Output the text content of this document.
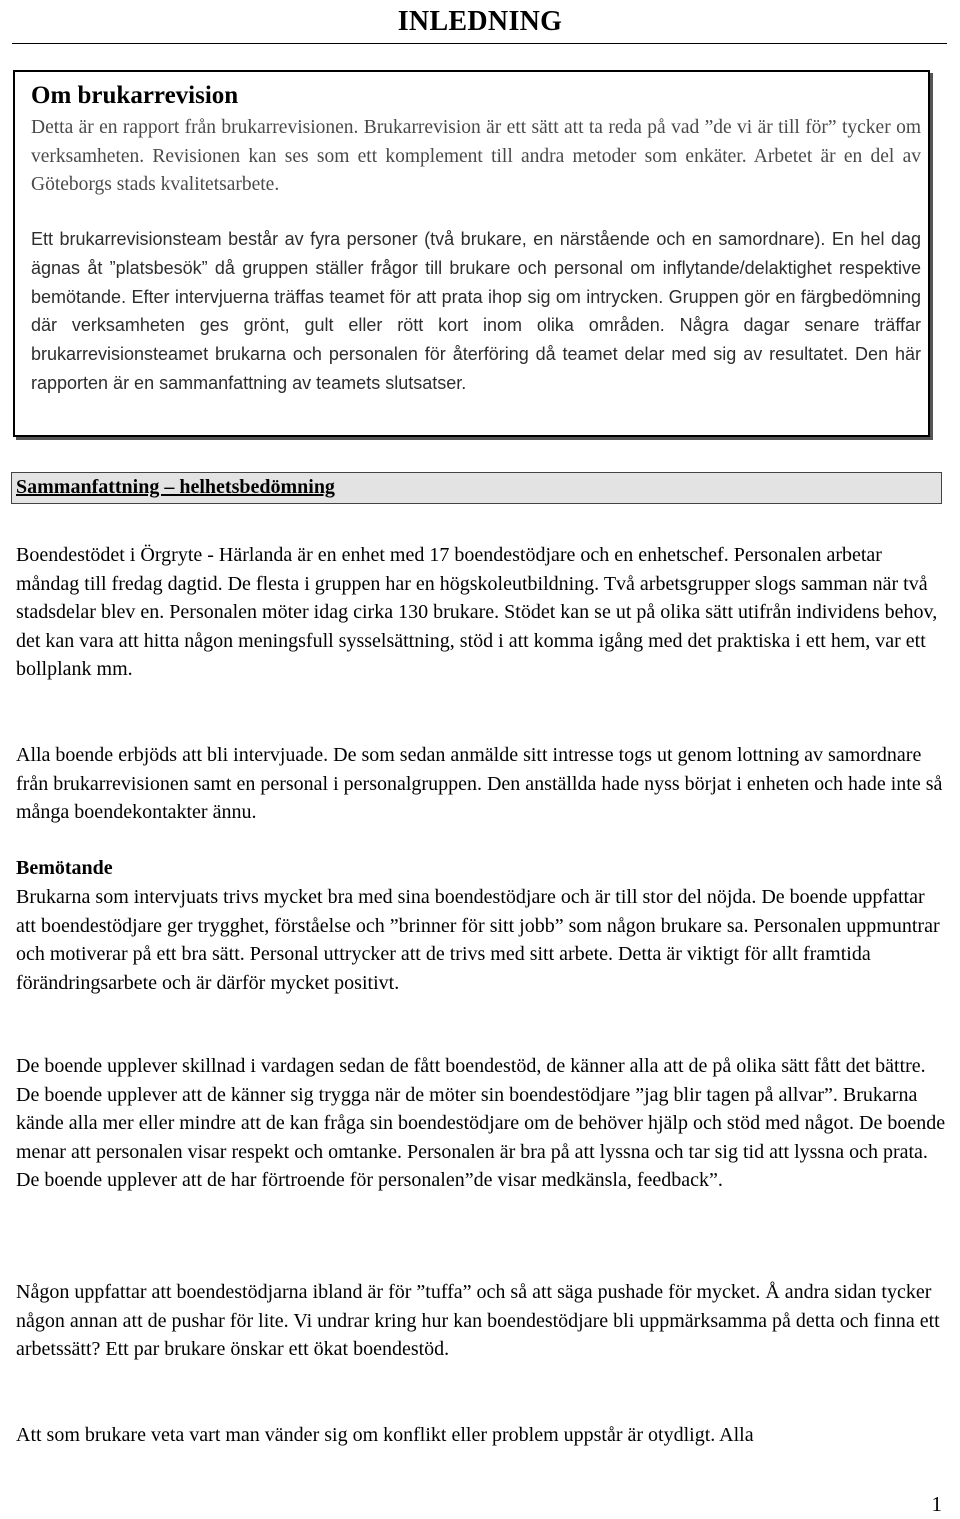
INLEDNING
Om brukarrevision
Detta är en rapport från brukarrevisionen. Brukarrevision är ett sätt att ta reda på vad ”de vi är till för” tycker om verksamheten. Revisionen kan ses som ett komplement till andra metoder som enkäter. Arbetet är en del av Göteborgs stads kvalitetsarbete.
Ett brukarrevisionsteam består av fyra personer (två brukare, en närstående och en samordnare). En hel dag ägnas åt ”platsbesök” då gruppen ställer frågor till brukare och personal om inflytande/delaktighet respektive bemötande. Efter intervjuerna träffas teamet för att prata ihop sig om intrycken. Gruppen gör en färgbedömning där verksamheten ges grönt, gult eller rött kort inom olika områden. Några dagar senare träffar brukarrevisionsteamet brukarna och personalen för återföring då teamet delar med sig av resultatet. Den här rapporten är en sammanfattning av teamets slutsatser.
Sammanfattning – helhetsbedömning
Boendestödet i Örgryte - Härlanda är en enhet med 17 boendestödjare och en enhetschef. Personalen arbetar måndag till fredag dagtid. De flesta i gruppen har en högskoleutbildning. Två arbetsgrupper slogs samman när två stadsdelar blev en. Personalen möter idag cirka 130 brukare. Stödet kan se ut på olika sätt utifrån individens behov, det kan vara att hitta någon meningsfull sysselsättning, stöd i att komma igång med det praktiska i ett hem, var ett bollplank mm.
Alla boende erbjöds att bli intervjuade. De som sedan anmälde sitt intresse togs ut genom lottning av samordnare från brukarrevisionen samt en personal i personalgruppen. Den anställda hade nyss börjat i enheten och hade inte så många boendekontakter ännu.
Bemötande
Brukarna som intervjuats trivs mycket bra med sina boendestödjare och är till stor del nöjda. De boende uppfattar att boendestödjare ger trygghet, förståelse och ”brinner för sitt jobb” som någon brukare sa. Personalen uppmuntrar och motiverar på ett bra sätt. Personal uttrycker att de trivs med sitt arbete. Detta är viktigt för allt framtida förändringsarbete och är därför mycket positivt.
De boende upplever skillnad i vardagen sedan de fått boendestöd, de känner alla att de på olika sätt fått det bättre. De boende upplever att de känner sig trygga när de möter sin boendestödjare ”jag blir tagen på allvar”. Brukarna kände alla mer eller mindre att de kan fråga sin boendestödjare om de behöver hjälp och stöd med något. De boende menar att personalen visar respekt och omtanke. Personalen är bra på att lyssna och tar sig tid att lyssna och prata. De boende upplever att de har förtroende för personalen”de visar medkänsla, feedback”.
Någon uppfattar att boendestödjarna ibland är för ”tuffa” och så att säga pushade för mycket. Å andra sidan tycker någon annan att de pushar för lite. Vi undrar kring hur kan boendestödjare bli uppmärksamma på detta och finna ett arbetssätt? Ett par brukare önskar ett ökat boendestöd.
Att som brukare veta vart man vänder sig om konflikt eller problem uppstår är otydligt. Alla
1
